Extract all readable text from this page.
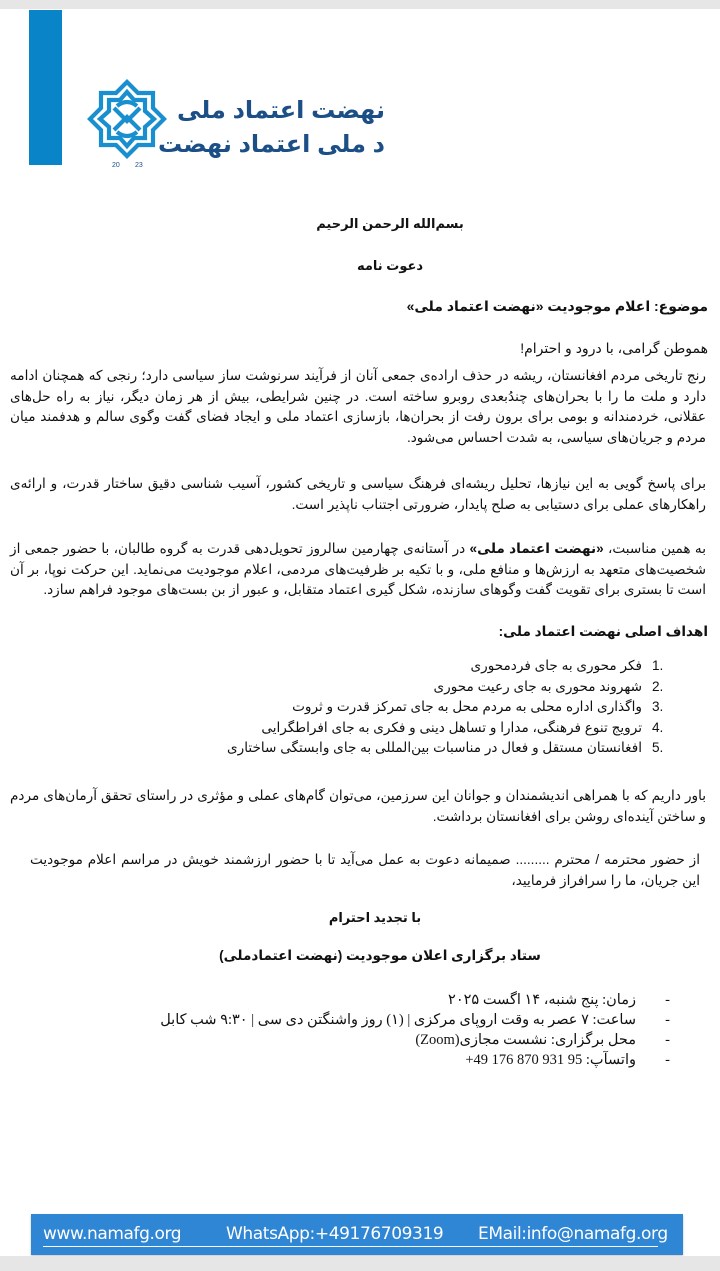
20 23
نهضت اعتماد ملی
د ملی اعتماد نهضت
بسم‌الله الرحمن الرحیم
دعوت نامه
موضوع: اعلام موجودیت «نهضت اعتماد ملی»
هموطن گرامی، با درود و احترام!
رنج تاریخی مردم افغانستان، ریشه در حذف اراده‌ی جمعی آنان از فرآیند سرنوشت ساز سیاسی دارد؛ رنجی که همچنان ادامه دارد و ملت ما را با بحران‌های چندُ‌بعدی روبرو ساخته است. در چنین شرایطی، بیش از هر زمان دیگر، نیاز به راه حل‌های عقلانی، خردمندانه و بومی برای برون رفت از بحران‌ها، بازسازی اعتماد ملی و ایجاد فضای گفت وگوی سالم و هدفمند میان مردم و جریان‌های سیاسی، به شدت احساس می‌شود.
برای پاسخ گویی به این نیازها، تحلیل ریشه‌ای فرهنگ سیاسی و تاریخی کشور، آسیب شناسی دقیق ساختار قدرت، و ارائه‌ی راهکارهای عملی برای دستیابی به صلح پایدار، ضرورتی اجتناب ناپذیر است.
به همین مناسبت، «نهضت اعتماد ملی» در آستانه‌ی چهارمین سالروز تحویل‌دهی قدرت به گروه طالبان، با حضور جمعی از شخصیت‌های متعهد به ارزش‌ها و منافع ملی، و با تکیه بر ظرفیت‌های مردمی، اعلام موجودیت می‌نماید. این حرکت نوپا، بر آن است تا بستری برای تقویت گفت وگوهای سازنده، شکل گیری اعتماد متقابل، و عبور از بن بست‌های موجود فراهم سازد.
اهداف اصلی نهضت اعتماد ملی:
1.
فکر محوری به جای فردمحوری
2.
شهروند محوری به جای رعیت محوری
3.
واگذاری اداره محلی به مردم محل به جای تمرکز قدرت و ثروت
4.
ترویج تنوع فرهنگی، مدارا و تساهل دینی و فکری به جای افراطگرایی
5.
افغانستان مستقل و فعال در مناسبات بین‌المللی به جای وابستگی ساختاری
باور داریم که با همراهی اندیشمندان و جوانان این سرزمین، می‌توان گام‌های عملی و مؤثری در راستای تحقق آرمان‌های مردم و ساختن آینده‌ای روشن برای افغانستان برداشت.
از حضور محترمه / محترم ......... صمیمانه دعوت به عمل می‌آید تا با حضور ارزشمند خویش در مراسم اعلام موجودیت این جریان، ما را سرافراز فرمایید،
با تجدید احترام
ستاد برگزاری اعلان موجودیت (نهضت اعتمادملی)
-
زمان: پنج شنبه، ۱۴ اگست ۲۰۲۵
-
ساعت: ۷ عصر به وقت اروپای مرکزی | (۱) روز واشنگتن دی سی | ۹:۳۰ شب کابل
-
محل برگزاری: نشست مجازی(Zoom)
-
واتسآپ: ‎+49 176 870 931 95
www.namafg.org	WhatsApp:+49176709319 EMail:info@namafg.org
